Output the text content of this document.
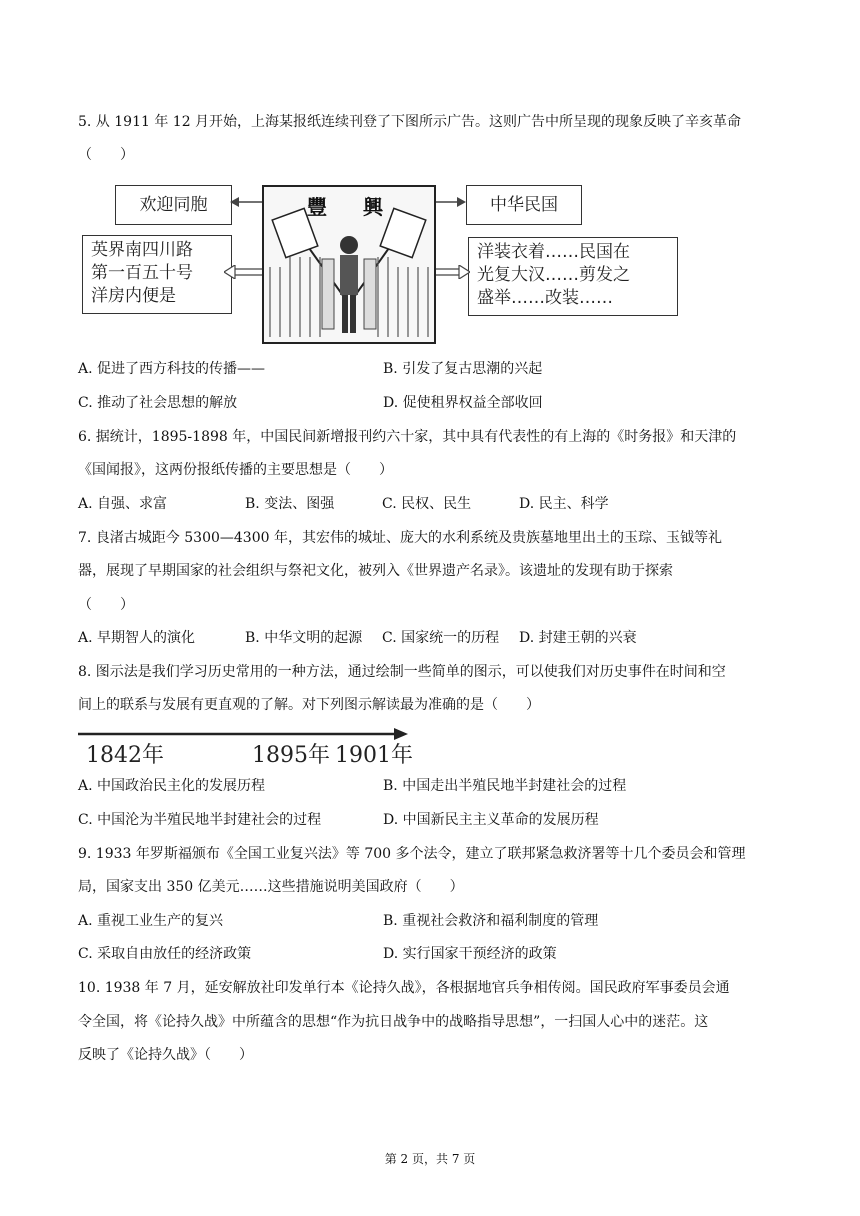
5. 从 1911 年 12 月开始，上海某报纸连续刊登了下图所示广告。这则广告中所呈现的现象反映了辛亥革命
（　　）
欢迎同胞	中华民国
英界南四川路
第一百五十号
洋房内便是
洋装衣着……民国在
光复大汉……剪发之
盛举……改装……
豐　興
A. 促进了西方科技的传播——	B. 引发了复古思潮的兴起
C. 推动了社会思想的解放	D. 促使租界权益全部收回
6. 据统计，1895-1898 年，中国民间新增报刊约六十家，其中具有代表性的有上海的《时务报》和天津的
《国闻报》，这两份报纸传播的主要思想是（　　）
A. 自强、求富	B. 变法、图强	C. 民权、民生	D. 民主、科学
7. 良渚古城距今 5300—4300 年，其宏伟的城址、庞大的水利系统及贵族墓地里出土的玉琮、玉钺等礼
器，展现了早期国家的社会组织与祭祀文化，被列入《世界遗产名录》。该遗址的发现有助于探索
（　　）
A. 早期智人的演化	B. 中华文明的起源 C. 国家统一的历程 D. 封建王朝的兴衰
8. 图示法是我们学习历史常用的一种方法，通过绘制一些简单的图示，可以使我们对历史事件在时间和空
间上的联系与发展有更直观的了解。对下列图示解读最为准确的是（　　）
1842年	1895年 1901年
A. 中国政治民主化的发展历程	B. 中国走出半殖民地半封建社会的过程
C. 中国沦为半殖民地半封建社会的过程	D. 中国新民主主义革命的发展历程
9. 1933 年罗斯福颁布《全国工业复兴法》等 700 多个法令，建立了联邦紧急救济署等十几个委员会和管理
局，国家支出 350 亿美元……这些措施说明美国政府（　　）
A. 重视工业生产的复兴	B. 重视社会救济和福利制度的管理
C. 采取自由放任的经济政策	D. 实行国家干预经济的政策
10. 1938 年 7 月，延安解放社印发单行本《论持久战》，各根据地官兵争相传阅。国民政府军事委员会通
令全国，将《论持久战》中所蕴含的思想“作为抗日战争中的战略指导思想”，一扫国人心中的迷茫。这
反映了《论持久战》（　　）
第 2 页，共 7 页
